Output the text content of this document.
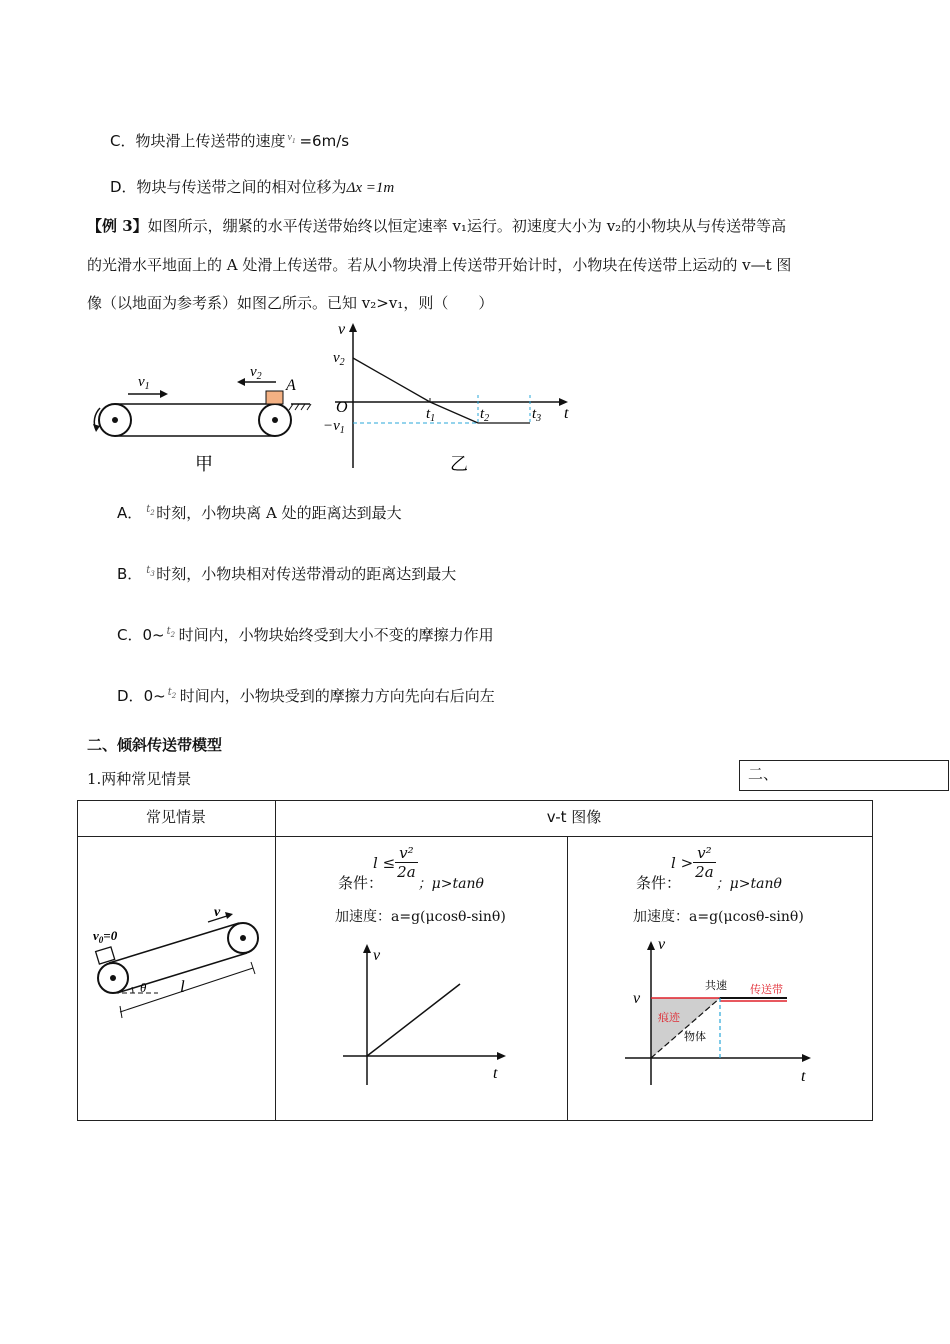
C．物块滑上传送带的速度 $v_1 =6m/s$
D．物块与传送带之间的相对位移为Δx =1m
【例 3】如图所示，绷紧的水平传送带始终以恒定速率 v₁运行。初速度大小为 v₂的小物块从与传送带等高
的光滑水平地面上的 A 处滑上传送带。若从小物块滑上传送带开始计时，小物块在传送带上运动的 v—t 图
像（以地面为参考系）如图乙所示。已知 v₂>v₁，则（　　）
$v_1$
$v_2$
A
v
t
O
$v_2$
$-v_1$
$t_1$	$t_2$	$t_3$
甲	乙
A． $t_2$ 时刻，小物块离 A 处的距离达到最大
B． $t_3$ 时刻，小物块相对传送带滑动的距离达到最大
C．0~ $t_2$ 时间内，小物块始终受到大小不变的摩擦力作用
D．0~ $t_2$ 时间内，小物块受到的摩擦力方向先向右后向左
二、倾斜传送带模型
1.两种常见情景	二、
常见情景	v-t 图像
v
$v_0=0$
θ l
条件：$l \le \frac{\text{v²}}{2a}$
；μ>tanθ
加速度：a=g(μcosθ-sinθ)
v
t
条件：$l > \frac{\text{v²}}{2a}$
；μ>tanθ
加速度：a=g(μcosθ-sinθ)
v
t
v
共速 传送带
痕迹
物体
